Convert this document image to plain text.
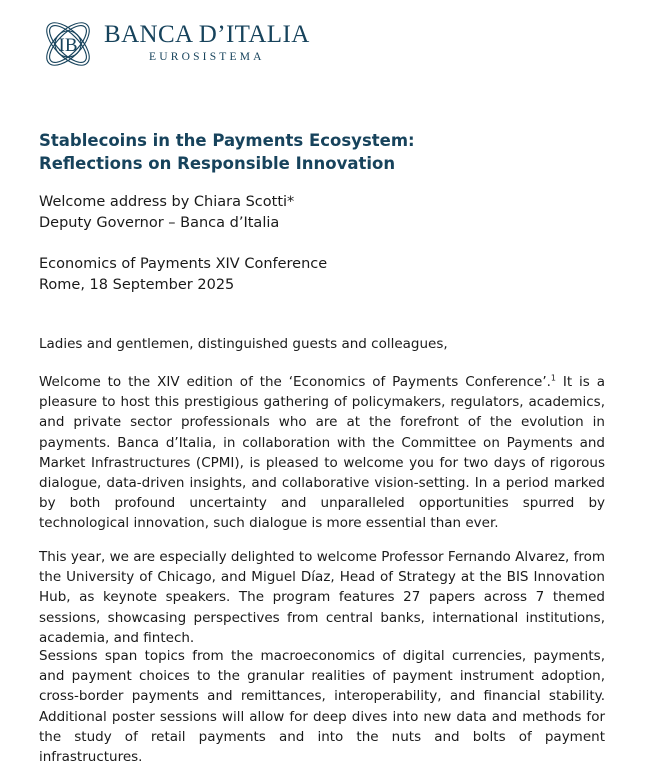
IB BANCA D’ITALIA
EUROSISTEMA
Stablecoins in the Payments Ecosystem:
Reflections on Responsible Innovation
Welcome address by Chiara Scotti*
Deputy Governor – Banca d’Italia
Economics of Payments XIV Conference
Rome, 18 September 2025

Ladies and gentlemen, distinguished guests and colleagues,

Welcome to the XIV edition of the ‘Economics of Payments Conference’.$^1$ It is a pleasure to host this prestigious gathering of policymakers, regulators, academics, and private sector professionals who are at the forefront of the evolution in payments. Banca d’Italia, in collaboration with the Committee on Payments and Market Infrastructures (CPMI), is pleased to welcome you for two days of rigorous dialogue, data-driven insights, and collaborative vision-setting. In a period marked by both profound uncertainty and unparalleled opportunities spurred by technological innovation, such dialogue is more essential than ever.

This year, we are especially delighted to welcome Professor Fernando Alvarez, from the University of Chicago, and Miguel Díaz, Head of Strategy at the BIS Innovation Hub, as keynote speakers. The program features 27 papers across 7 themed sessions, showcasing perspectives from central banks, international institutions, academia, and fintech.

Sessions span topics from the macroeconomics of digital currencies, payments, and payment choices to the granular realities of payment instrument adoption, cross-border payments and remittances, interoperability, and financial stability. Additional poster sessions will allow for deep dives into new data and methods for the study of retail payments and into the nuts and bolts of payment infrastructures.
